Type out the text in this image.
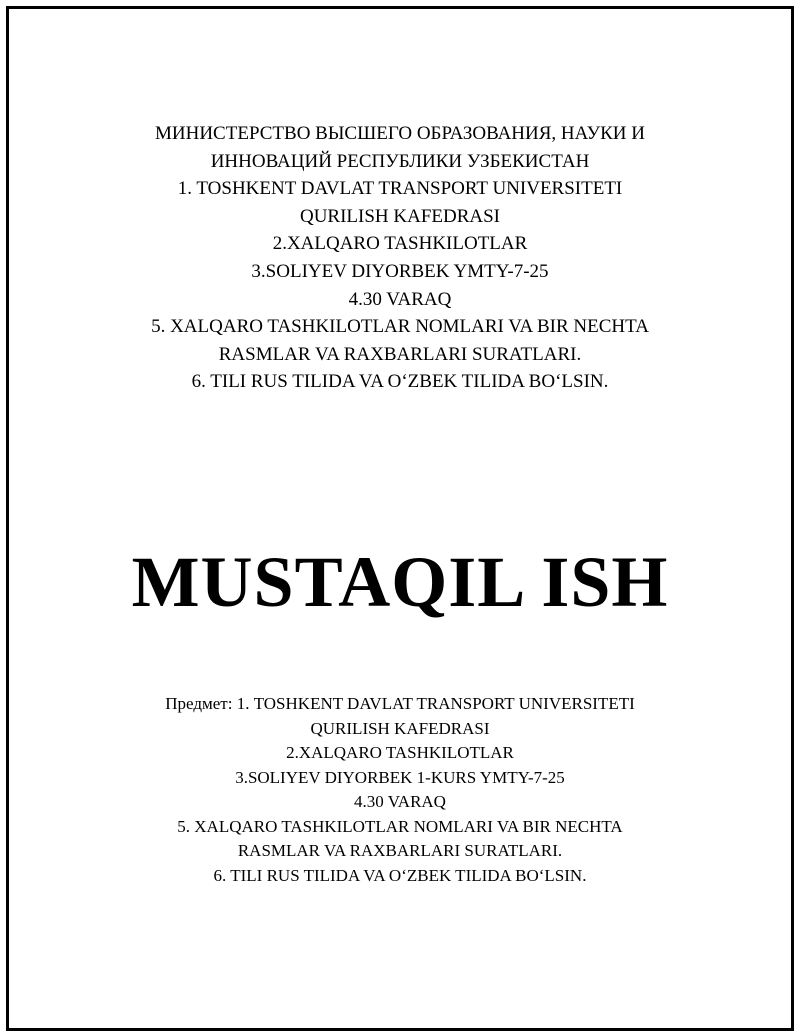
МИНИСТЕРСТВО ВЫСШЕГО ОБРАЗОВАНИЯ, НАУКИ И
ИННОВАЦИЙ РЕСПУБЛИКИ УЗБЕКИСТАН
1. TOSHKENT DAVLAT TRANSPORT UNIVERSITETI
QURILISH KAFEDRASI
2.XALQARO TASHKILOTLAR
3.SOLIYEV DIYORBEK YMTY-7-25
4.30 VARAQ
5. XALQARO TASHKILOTLAR NOMLARI VA BIR NECHTA
RASMLAR VA RAXBARLARI SURATLARI.
6. TILI RUS TILIDA VA O‘ZBEK TILIDA BO‘LSIN.
MUSTAQIL ISH
Предмет: 1. TOSHKENT DAVLAT TRANSPORT UNIVERSITETI
QURILISH KAFEDRASI
2.XALQARO TASHKILOTLAR
3.SOLIYEV DIYORBEK 1-KURS YMTY-7-25
4.30 VARAQ
5. XALQARO TASHKILOTLAR NOMLARI VA BIR NECHTA
RASMLAR VA RAXBARLARI SURATLARI.
6. TILI RUS TILIDA VA O‘ZBEK TILIDA BO‘LSIN.
